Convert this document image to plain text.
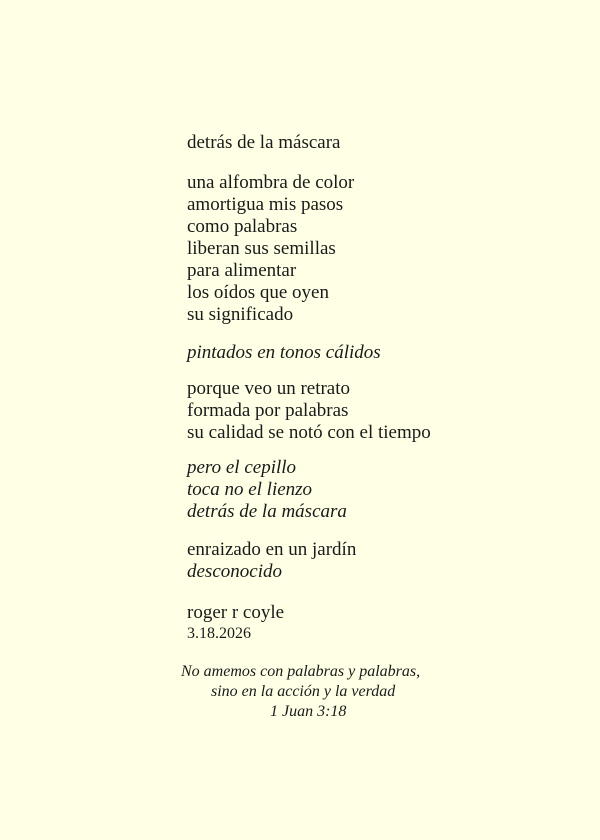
detrás de la máscara
una alfombra de color
amortigua mis pasos
como palabras
liberan sus semillas
para alimentar
los oídos que oyen
su significado
pintados en tonos cálidos
porque veo un retrato
formada por palabras
su calidad se notó con el tiempo
pero el cepillo
toca no el lienzo
detrás de la máscara
enraizado en un jardín
desconocido
roger r coyle
3.18.2026
No amemos con palabras y palabras,
sino en la acción y la verdad
1 Juan 3:18
